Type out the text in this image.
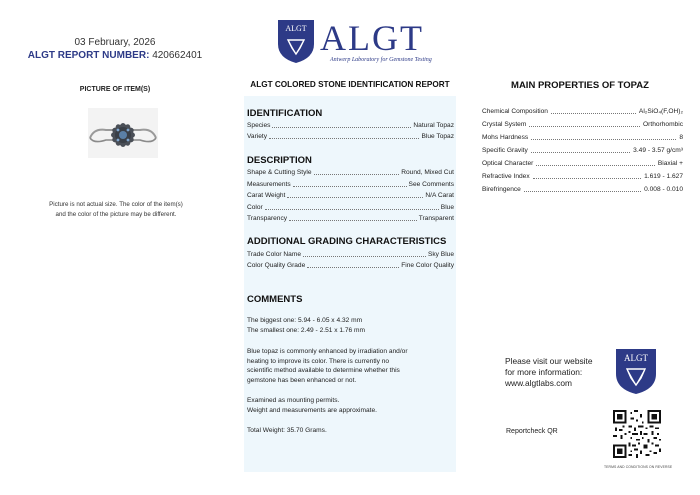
03 February, 2026
ALGT REPORT NUMBER: 420662401
PICTURE OF ITEM(S)
Picture is not actual size. The color of the item(s)
and the color of the picture may be different.
ALGT ALGT
Antwerp Laboratory for Gemstone Testing
ALGT COLORED STONE IDENTIFICATION REPORT
IDENTIFICATION
Species	Natural Topaz
Variety	Blue Topaz
DESCRIPTION
Shape & Cutting Style	Round, Mixed Cut
Measurements	See Comments
Carat Weight	N/A Carat
Color	Blue
Transparency	Transparent
ADDITIONAL GRADING CHARACTERISTICS
Trade Color Name	Sky Blue
Color Quality Grade	Fine Color Quality
COMMENTS
The biggest one: 5.94 - 6.05 x 4.32 mm
The smallest one: 2.49 - 2.51 x 1.76 mm
Blue topaz is commonly enhanced by irradiation and/or
heating to improve its color. There is currently no
scientific method available to determine whether this
gemstone has been enhanced or not.
Examined as mounting permits.
Weight and measurements are approximate.
Total Weight: 35.70 Grams.
MAIN PROPERTIES OF TOPAZ
Chemical Composition	Al₂SiO₄(F,OH)₂
Crystal System	Orthorhombic
Mohs Hardness	8
Specific Gravity	3.49 - 3.57 g/cm³
Optical Character	Biaxial +
Refractive Index	1.619 - 1.627
Birefringence	0.008 - 0.010
Please visit our website
for more information:
www.algtlabs.com
ALGT
Reportcheck QR
TERMS AND CONDITIONS ON REVERSE
